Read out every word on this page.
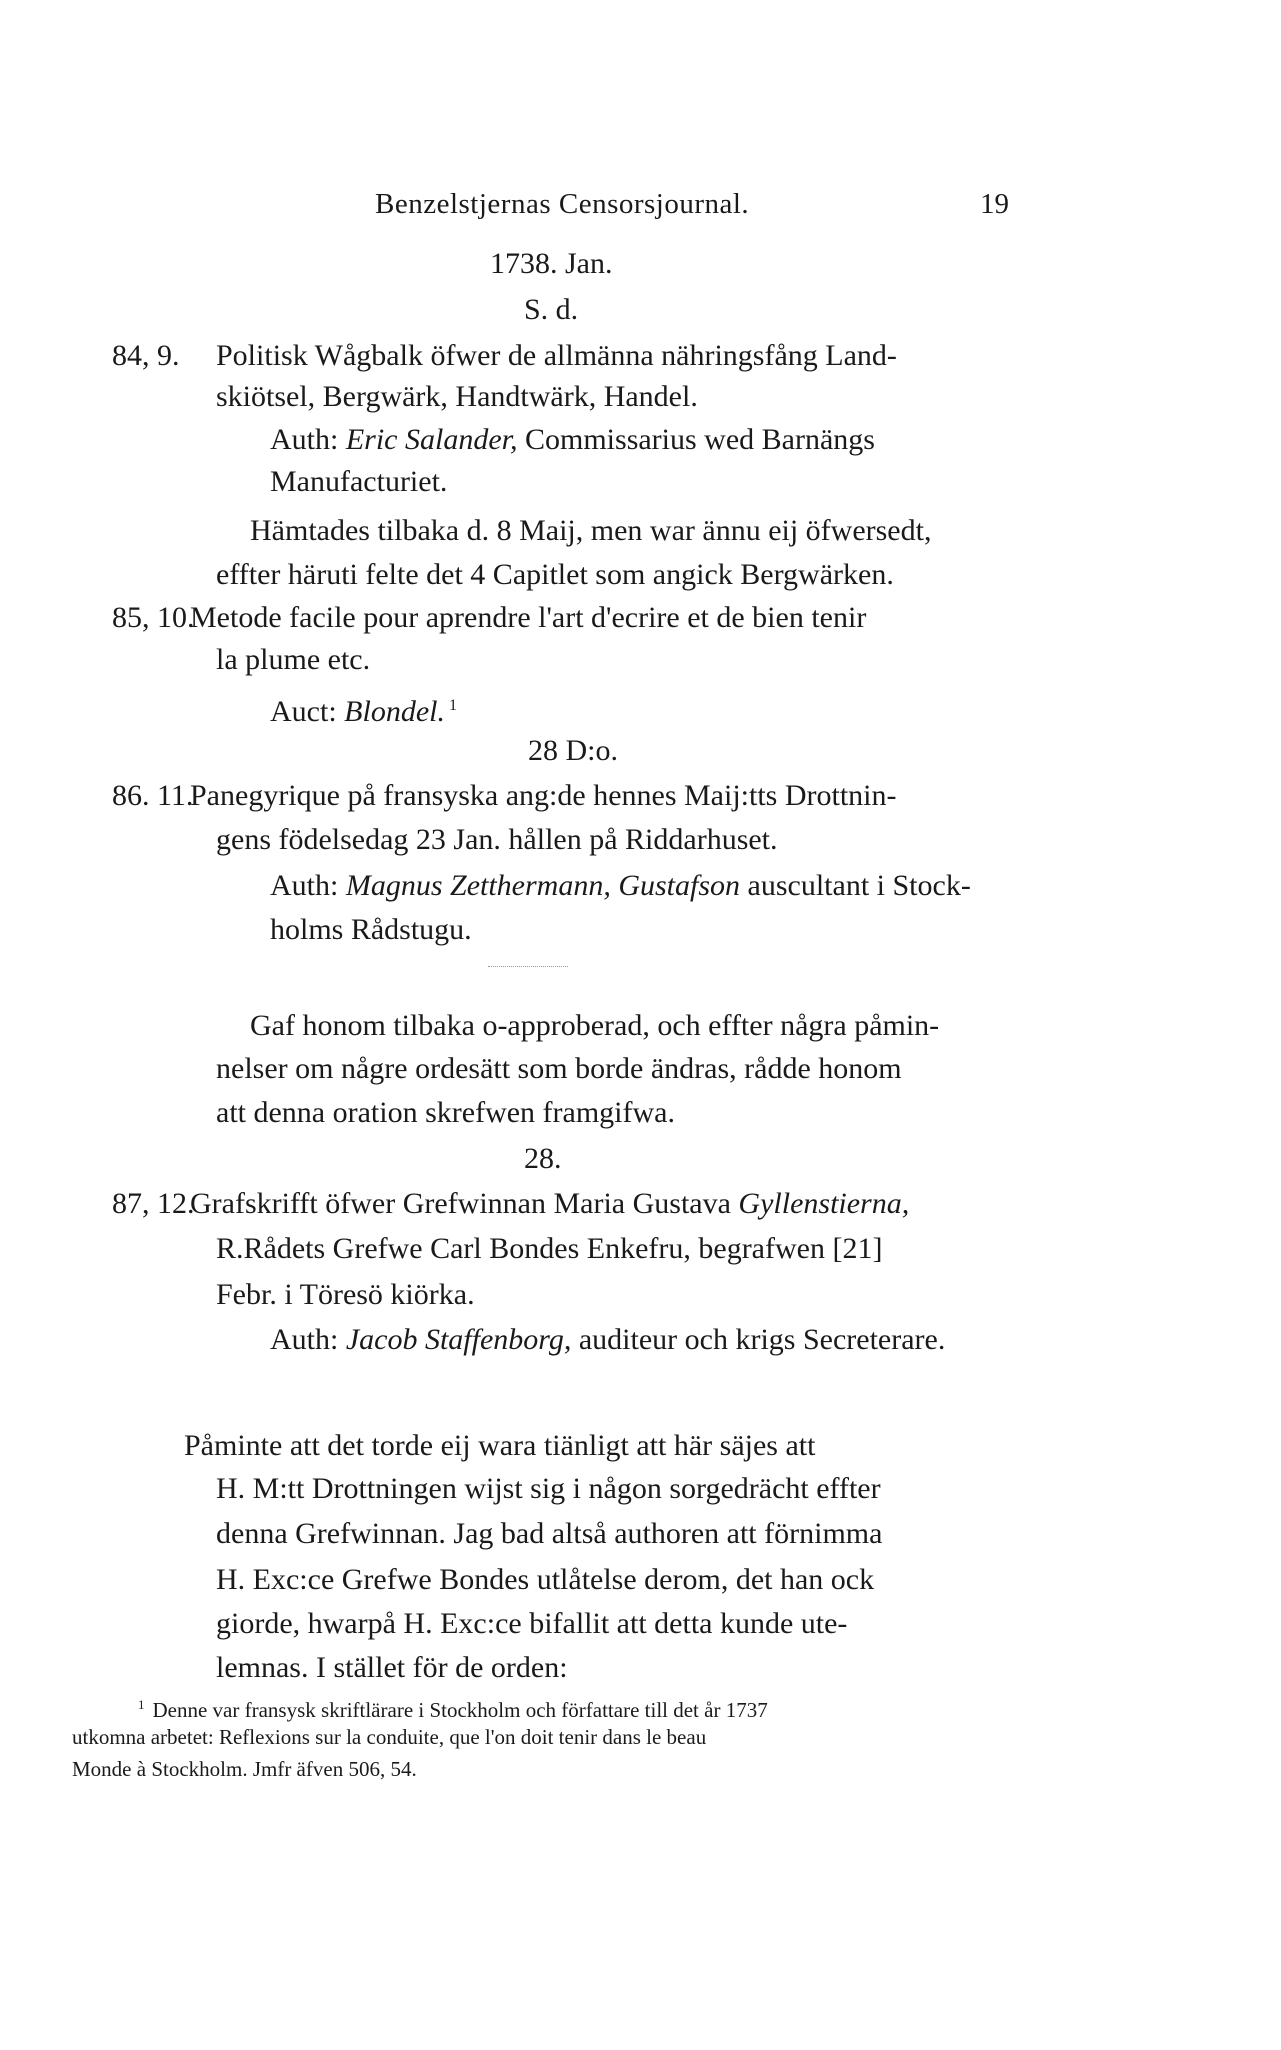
Benzelstjernas Censorsjournal.	19
1738. Jan.
S. d.
84, 9. Politisk Wågbalk öfwer de allmänna nähringsfång Land-
skiötsel, Bergwärk, Handtwärk, Handel.
Auth: Eric Salander, Commissarius wed Barnängs
Manufacturiet.
Hämtades tilbaka d. 8 Maij, men war ännu eij öfwersedt,
effter häruti felte det 4 Capitlet som angick Bergwärken.
85, 10.
Metode facile pour aprendre l'art d'ecrire et de bien tenir
la plume etc.
Auct: Blondel. $^1$
28 D:o.
86. 11.
Panegyrique på fransyska ang:de hennes Maij:tts Drottnin-
gens födelsedag 23 Jan. hållen på Riddarhuset.
Auth: Magnus Zetthermann, Gustafson auscultant i Stock-
holms Rådstugu.
Gaf honom tilbaka o-approberad, och effter några påmin-
nelser om någre ordesätt som borde ändras, rådde honom
att denna oration skrefwen framgifwa.
28.
87, 12.
Grafskrifft öfwer Grefwinnan Maria Gustava Gyllenstierna,
R.Rådets Grefwe Carl Bondes Enkefru, begrafwen [21]
Febr. i Töresö kiörka.
Auth: Jacob Staffenborg, auditeur och krigs Secreterare.
Påminte att det torde eij wara tiänligt att här säjes att
H. M:tt Drottningen wijst sig i någon sorgedrächt effter
denna Grefwinnan. Jag bad altså authoren att förnimma
H. Exc:ce Grefwe Bondes utlåtelse derom, det han ock
giorde, hwarpå H. Exc:ce bifallit att detta kunde ute-
lemnas. I stället för de orden:
$^1$ Denne var fransysk skriftlärare i Stockholm och författare till det år 1737
utkomna arbetet: Reflexions sur la conduite, que l'on doit tenir dans le beau
Monde à Stockholm. Jmfr äfven 506, 54.
